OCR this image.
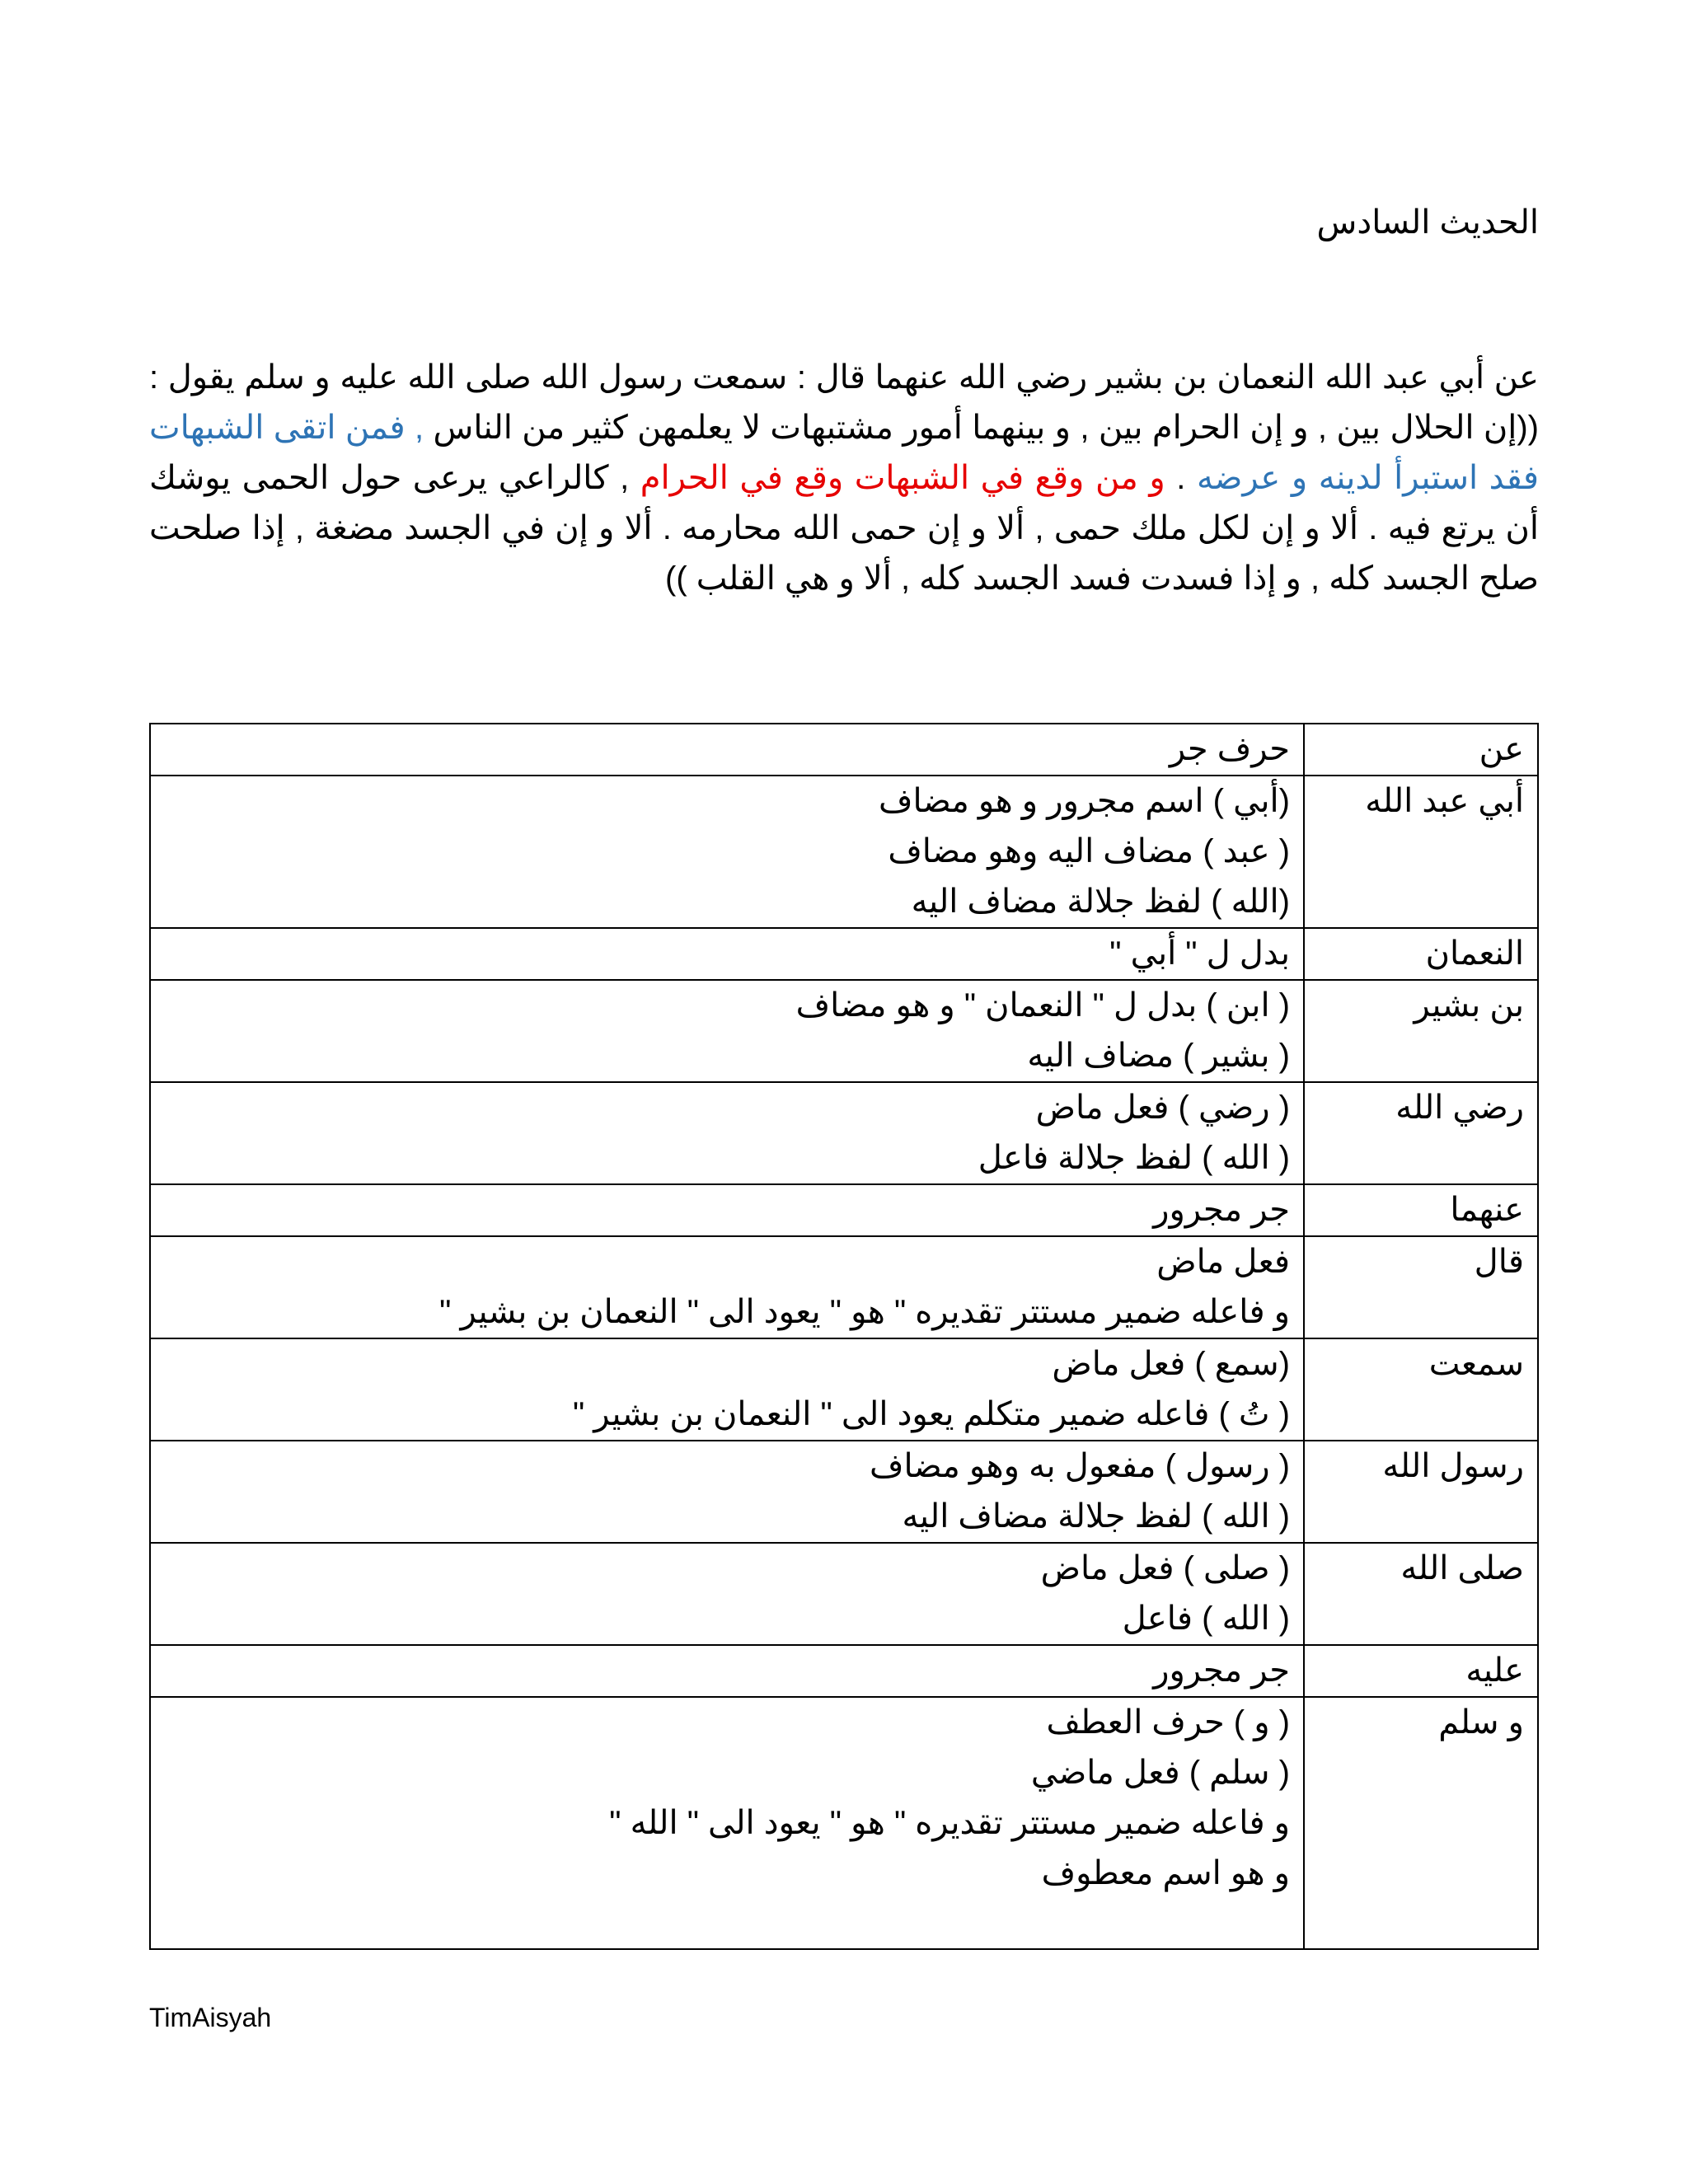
الحديث السادس

عن أبي عبد الله النعمان بن بشير رضي الله عنهما قال : سمعت رسول الله صلى الله عليه و سلم يقول : ((إن الحلال بين , و إن الحرام بين , و بينهما أمور مشتبهات لا يعلمهن كثير من الناس , فمن اتقى الشبهات فقد استبرأ لدينه و عرضه . و من وقع في الشبهات وقع في الحرام , كالراعي يرعى حول الحمى يوشك أن يرتع فيه . ألا و إن لكل ملك حمى , ألا و إن حمى الله محارمه . ألا و إن في الجسد مضغة , إذا صلحت صلح الجسد كله , و إذا فسدت فسد الجسد كله , ألا و هي القلب ))

عن	حرف جر

أبي عبد الله	(أبي ) اسم مجرور و هو مضاف
( عبد ) مضاف اليه وهو مضاف
(الله ) لفظ جلالة مضاف اليه

النعمان	بدل ل " أبي "

بن بشير	( ابن ) بدل ل " النعمان " و هو مضاف
( بشير ) مضاف اليه

رضي الله	( رضي ) فعل ماض
( الله ) لفظ جلالة فاعل

عنهما	جر مجرور

قال	فعل ماض
و فاعله ضمير مستتر تقديره " هو " يعود الى " النعمان بن بشير "

سمعت	(سمع ) فعل ماض
( تُ ) فاعله ضمير متكلم يعود الى " النعمان بن بشير "

رسول الله	( رسول ) مفعول به وهو مضاف
( الله ) لفظ جلالة مضاف اليه

صلى الله	( صلى ) فعل ماض
( الله ) فاعل

عليه	جر مجرور

و سلم	( و ) حرف العطف
( سلم ) فعل ماضي
و فاعله ضمير مستتر تقديره " هو " يعود الى " الله "
و هو اسم معطوف
TimAisyah
